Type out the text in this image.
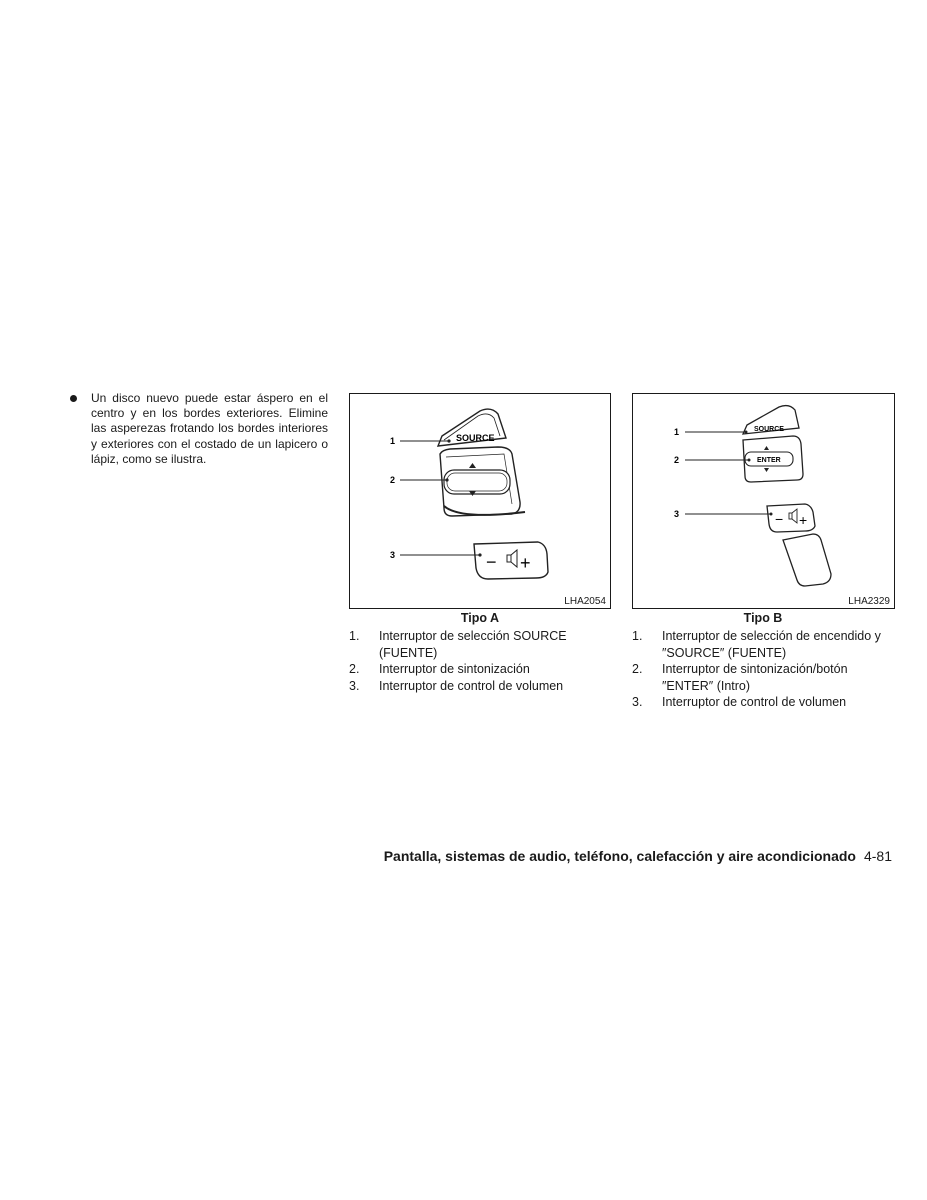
Un disco nuevo puede estar áspero en el centro y en los bordes exteriores. Elimine las asperezas frotando los bordes interiores y exteriores con el costado de un lapicero o lápiz, como se ilustra.
SOURCE
− +
1
2
3
LHA2054
SOURCE
ENTER
− +
1
2
3
LHA2329
Tipo A	Tipo B
1. Interruptor de selección SOURCE (FUENTE)
2. Interruptor de sintonización
3. Interruptor de control de volumen
1. Interruptor de selección de encendido y ″SOURCE″ (FUENTE)
2. Interruptor de sintonización/botón ″ENTER″ (Intro)
3. Interruptor de control de volumen
Pantalla, sistemas de audio, teléfono, calefacción y aire acondicionado 4-81
